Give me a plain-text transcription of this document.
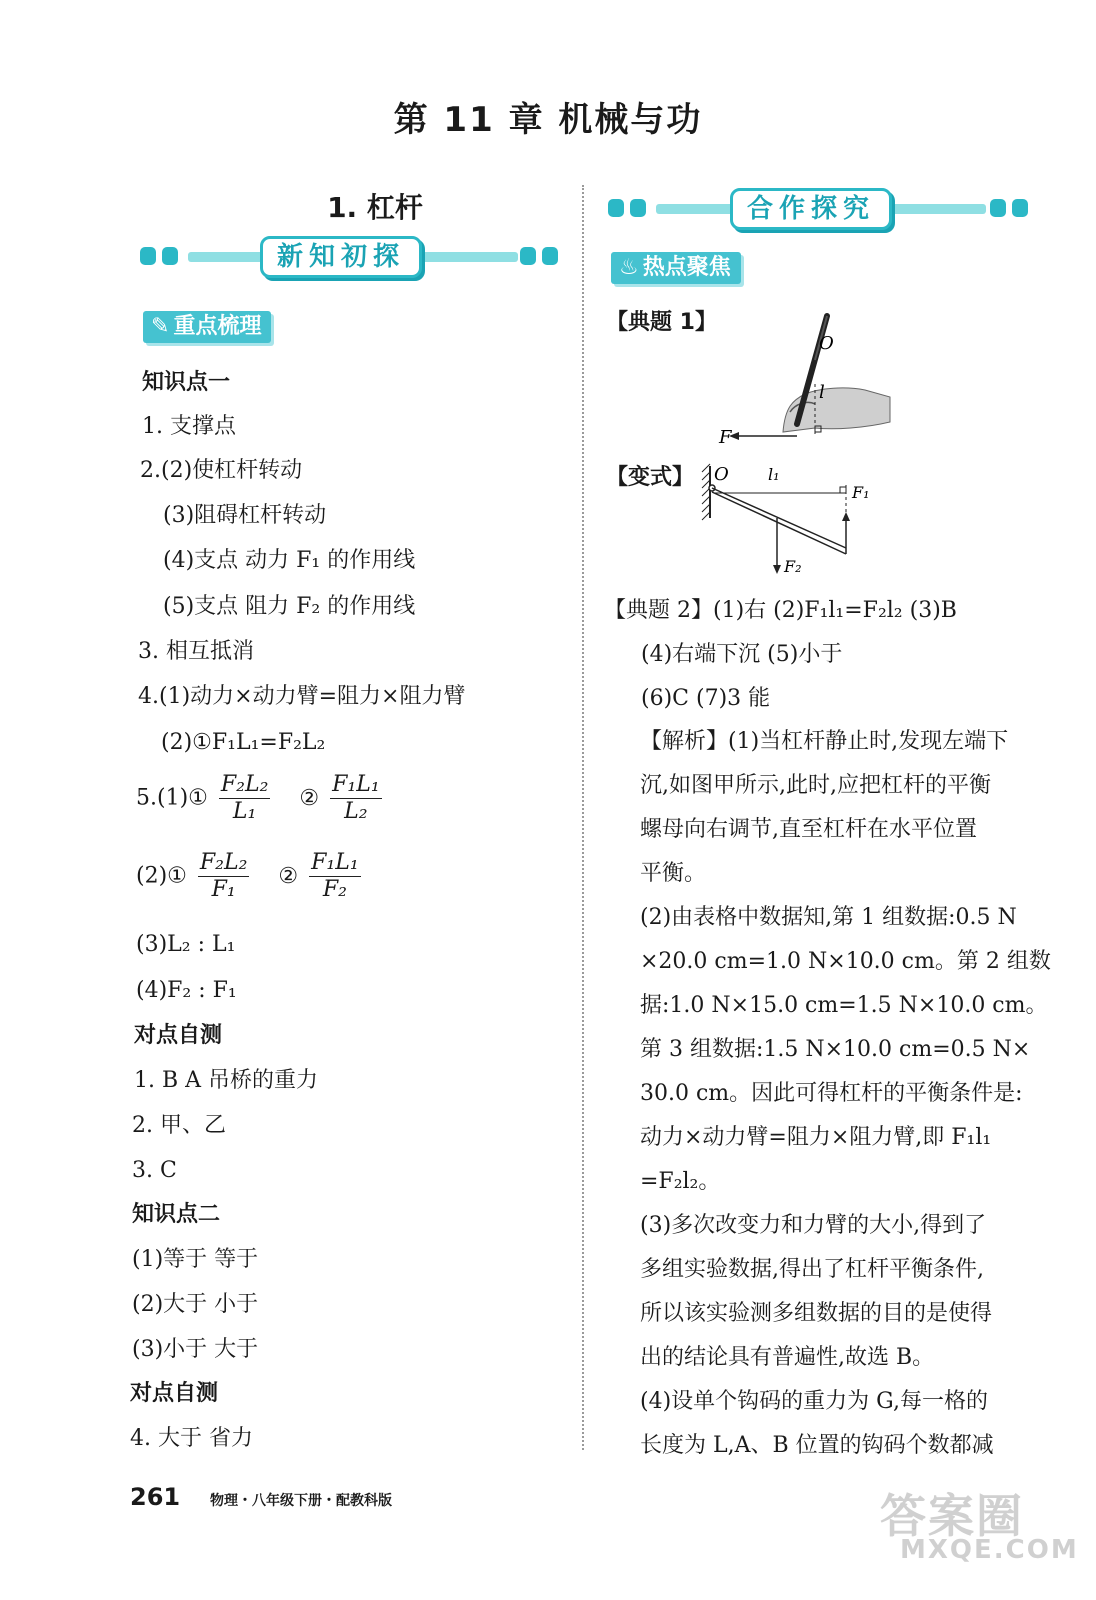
第 11 章 机械与功
1. 杠杆
新知初探
✎ 重点梳理
知识点一
1. 支撑点
2.(2)使杠杆转动
(3)阻碍杠杆转动
(4)支点 动力 F₁ 的作用线
(5)支点 阻力 F₂ 的作用线
3. 相互抵消
4.(1)动力×动力臂=阻力×阻力臂
(2)①F₁L₁=F₂L₂
5.(1)① $\frac{\text{F₂L₂}}{\text{L₁}}$ ② $\frac{\text{F₁L₁}}{\text{L₂}}$
(2)① $\frac{\text{F₂L₂}}{\text{F₁}}$ ② $\frac{\text{F₁L₁}}{\text{F₂}}$
(3)L₂ : L₁
(4)F₂ : F₁
对点自测
1. B A 吊桥的重力
2. 甲、乙
3. C
知识点二
(1)等于 等于
(2)大于 小于
(3)小于 大于
对点自测
4. 大于 省力
合作探究
♨ 热点聚焦
【典题 1】
O
l
F
【变式】 O l₁
F₁
F₂
【典题 2】(1)右 (2)F₁l₁=F₂l₂ (3)B
(4)右端下沉 (5)小于
(6)C (7)3 能
【解析】(1)当杠杆静止时,发现左端下
沉,如图甲所示,此时,应把杠杆的平衡
螺母向右调节,直至杠杆在水平位置
平衡。
(2)由表格中数据知,第 1 组数据:0.5 N
×20.0 cm=1.0 N×10.0 cm。第 2 组数
据:1.0 N×15.0 cm=1.5 N×10.0 cm。
第 3 组数据:1.5 N×10.0 cm=0.5 N×
30.0 cm。因此可得杠杆的平衡条件是:
动力×动力臂=阻力×阻力臂,即 F₁l₁
=F₂l₂。
(3)多次改变力和力臂的大小,得到了
多组实验数据,得出了杠杆平衡条件,
所以该实验测多组数据的目的是使得
出的结论具有普遍性,故选 B。
(4)设单个钩码的重力为 G,每一格的
长度为 L,A、B 位置的钩码个数都减
261 物理・八年级下册・配教科版	答案圈
MXQE.COM
